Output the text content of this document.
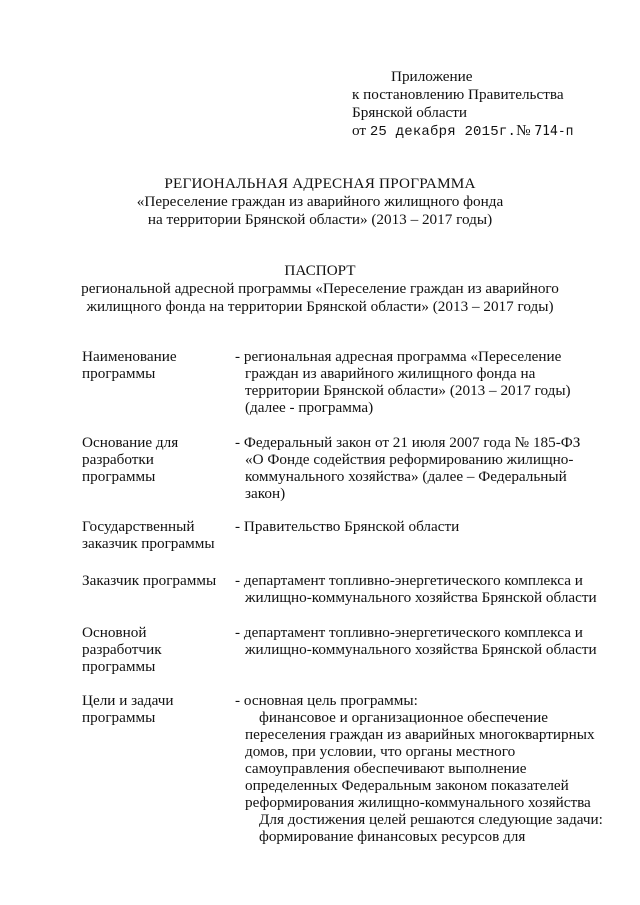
Приложение
к постановлению Правительства
Брянской области
от 25 декабря 2015г.№ 714-п
РЕГИОНАЛЬНАЯ АДРЕСНАЯ ПРОГРАММА
«Переселение граждан из аварийного жилищного фонда
на территории Брянской области» (2013 – 2017 годы)
ПАСПОРТ
региональной адресной программы «Переселение граждан из аварийного
жилищного фонда на территории Брянской области» (2013 – 2017 годы)
Наименование
программы
- региональная адресная программа «Переселение
граждан из аварийного жилищного фонда на
территории Брянской области» (2013 – 2017 годы)
(далее - программа)
Основание для
разработки
программы
- Федеральный закон от 21 июля 2007 года № 185-ФЗ
«О Фонде содействия реформированию жилищно-
коммунального хозяйства» (далее – Федеральный
закон)
Государственный
заказчик программы
- Правительство Брянской области
Заказчик программы - департамент топливно-энергетического комплекса и
жилищно-коммунального хозяйства Брянской области
Основной
разработчик
программы
- департамент топливно-энергетического комплекса и
жилищно-коммунального хозяйства Брянской области
Цели и задачи
программы
- основная цель программы:
финансовое и организационное обеспечение
переселения граждан из аварийных многоквартирных
домов, при условии, что органы местного
самоуправления обеспечивают выполнение
определенных Федеральным законом показателей
реформирования жилищно-коммунального хозяйства
Для достижения целей решаются следующие задачи:
формирование финансовых ресурсов для
